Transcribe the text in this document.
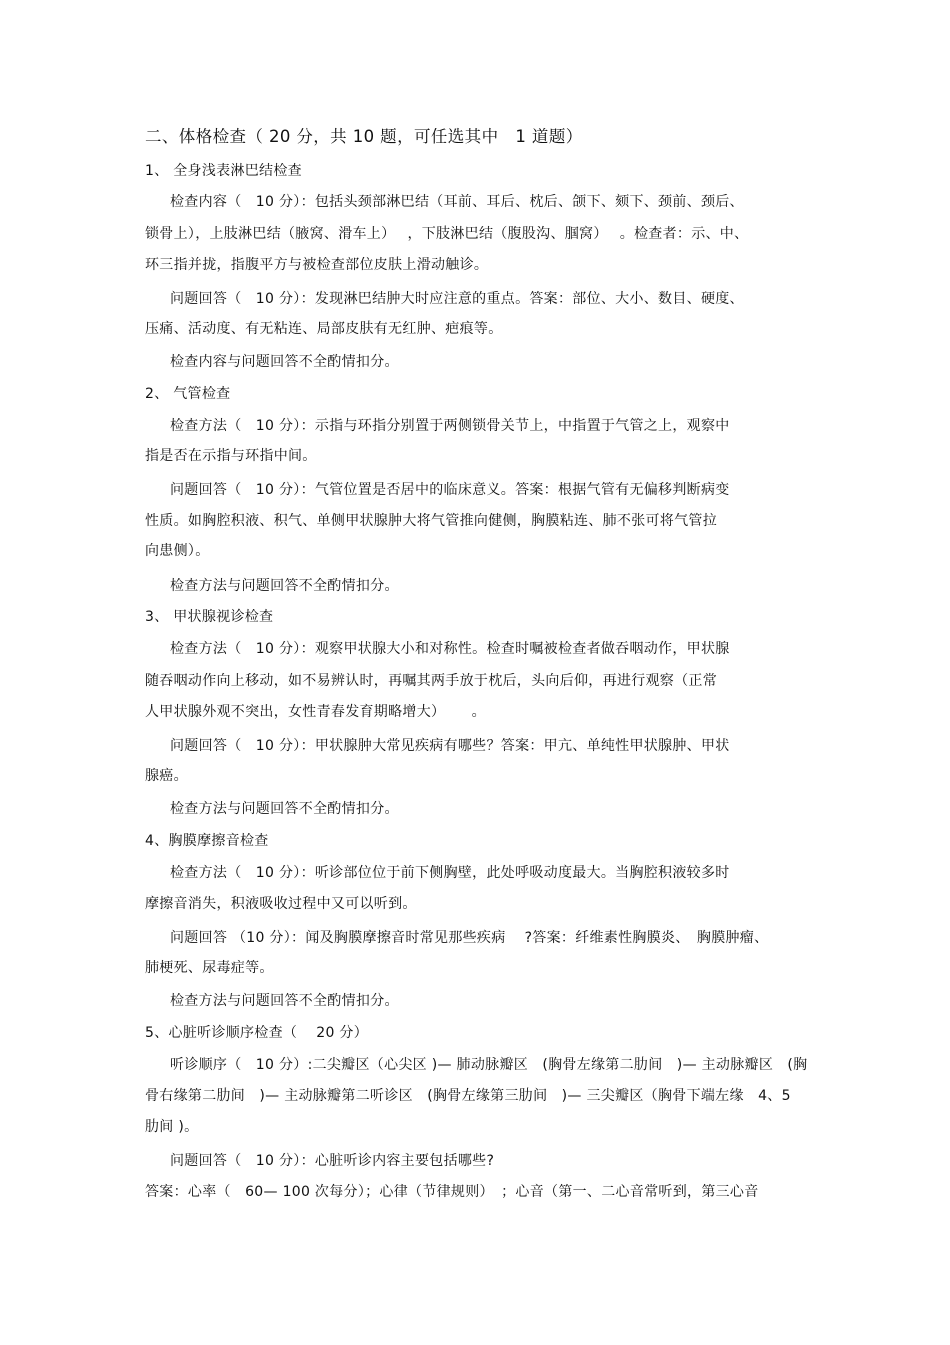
二、体格检查（ 20 分，共 10 题，可任选其中　1 道题）
1、 全身浅表淋巴结检查
检查内容（　10 分）：包括头颈部淋巴结（耳前、耳后、枕后、颌下、颏下、颈前、颈后、
锁骨上），上肢淋巴结（腋窝、滑车上）　 ，下肢淋巴结（腹股沟、腘窝）　 。检查者：示、中、
环三指并拢，指腹平方与被检查部位皮肤上滑动触诊。
问题回答（　10 分）：发现淋巴结肿大时应注意的重点。答案：部位、大小、数目、硬度、
压痛、活动度、有无粘连、局部皮肤有无红肿、疤痕等。
检查内容与问题回答不全酌情扣分。
2、 气管检查
检查方法（　10 分）：示指与环指分别置于两侧锁骨关节上，中指置于气管之上，观察中
指是否在示指与环指中间。
问题回答（　10 分）：气管位置是否居中的临床意义。答案：根据气管有无偏移判断病变
性质。如胸腔积液、积气、单侧甲状腺肿大将气管推向健侧，胸膜粘连、肺不张可将气管拉
向患侧）。
检查方法与问题回答不全酌情扣分。
3、 甲状腺视诊检查
检查方法（　10 分）：观察甲状腺大小和对称性。检查时嘱被检查者做吞咽动作，甲状腺
随吞咽动作向上移动，如不易辨认时，再嘱其两手放于枕后，头向后仰，再进行观察（正常
人甲状腺外观不突出，女性青春发育期略增大）　　 。
问题回答（　10 分）：甲状腺肿大常见疾病有哪些？答案：甲亢、单纯性甲状腺肿、甲状
腺癌。
检查方法与问题回答不全酌情扣分。
4、胸膜摩擦音检查
检查方法（　10 分）：听诊部位位于前下侧胸壁，此处呼吸动度最大。当胸腔积液较多时
摩擦音消失，积液吸收过程中又可以听到。
问题回答 （10 分）：闻及胸膜摩擦音时常见那些疾病　 ?答案：纤维素性胸膜炎、　胸膜肿瘤、
肺梗死、尿毒症等。
检查方法与问题回答不全酌情扣分。
5、心脏听诊顺序检查（　 20 分）
听诊顺序（　10 分）:二尖瓣区（心尖区 )— 肺动脉瓣区　(胸骨左缘第二肋间　)— 主动脉瓣区　(胸
骨右缘第二肋间　)— 主动脉瓣第二听诊区　(胸骨左缘第三肋间　)— 三尖瓣区（胸骨下端左缘　4、5
肋间 )。
问题回答（　10 分）：心脏听诊内容主要包括哪些?
答案：心率（　60— 100 次每分）；心律（节律规则）　；心音（第一、二心音常听到，第三心音
